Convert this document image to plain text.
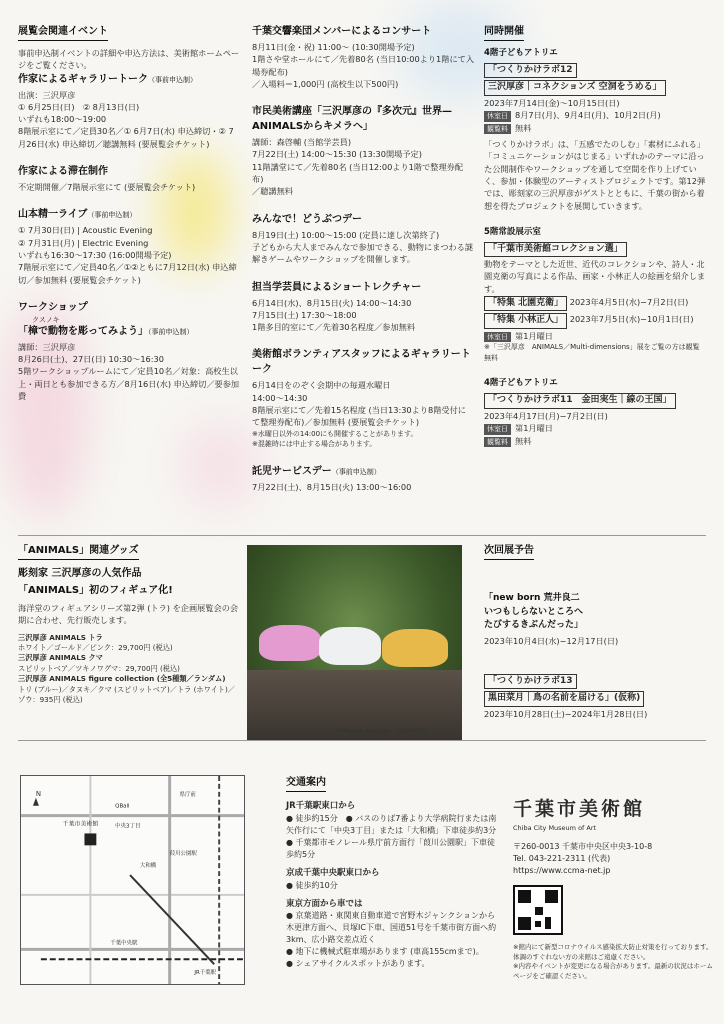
展覧会関連イベント
事前申込制イベントの詳細や申込方法は、美術館ホームページをご覧ください。
作家によるギャラリートーク（事前申込制）
出演：三沢厚彦
① 6月25日(日)　② 8月13日(日)
いずれも18:00〜19:00
8階展示室にて／定員30名／① 6月7日(水) 申込締切・② 7月26日(水) 申込締切／聴講無料 (要展覧会チケット)
作家による滞在制作
不定期開催／7階展示室にて (要展覧会チケット)
山本精一ライブ（事前申込制）
① 7月30日(日) | Acoustic Evening
② 7月31日(月) | Electric Evening
いずれも16:30〜17:30 (16:00開場予定)
7階展示室にて／定員40名／①②ともに7月12日(水) 申込締切／参加無料 (要展覧会チケット)
ワークショップ
クスノキ
「樟で動物を彫ってみよう」（事前申込制）
講師：三沢厚彦
8月26日(土)、27日(日) 10:30〜16:30
5階ワークショップルームにて／定員10名／対象：高校生以上・両日とも参加できる方／8月16日(水) 申込締切／要参加費
千葉交響楽団メンバーによるコンサート
8月11日(金・祝) 11:00〜 (10:30開場予定)
1階さや堂ホールにて／先着80名 (当日10:00より1階にて入場券配布)
／入場料＝1,000円 (高校生以下500円)
市民美術講座「三沢厚彦の『多次元』世界—ANIMALSからキメラへ」
講師：森啓輔 (当館学芸員)
7月22日(土) 14:00〜15:30 (13:30開場予定)
11階講堂にて／先着80名 (当日12:00より1階で整理券配布)
／聴講無料
みんなで！どうぶつデー
8月19日(土) 10:00〜15:00 (定員に達し次第終了)
子どもから大人までみんなで参加できる、動物にまつわる謎解きゲームやワークショップを開催します。
担当学芸員によるショートレクチャー
6月14日(水)、8月15日(火) 14:00〜14:30
7月15日(土) 17:30〜18:00
1階多目的室にて／先着30名程度／参加無料
美術館ボランティアスタッフによるギャラリートーク
6月14日をのぞく会期中の毎週水曜日
14:00〜14:30
8階展示室にて／先着15名程度 (当日13:30より8階受付にて整理券配布)／参加無料 (要展覧会チケット)
※水曜日以外の14:00にも開催することがあります。
※混雑時には中止する場合があります。
託児サービスデー（事前申込制）
7月22日(土)、8月15日(火) 13:00〜16:00
同時開催
4階子どもアトリエ
「つくりかけラボ12
三沢厚彦｜コネクションズ 空洞をうめる」
2023年7月14日(金)〜10月15日(日)
休室日 8月7日(月)、9月4日(月)、10月2日(月)
観覧料 無料
「つくりかけラボ」は、「五感でたのしむ」「素材にふれる」「コミュニケーションがはじまる」いずれかのテーマに沿った公開制作やワークショップを通して空間を作り上げていく、参加・体験型のアーティストプロジェクトです。第12弾では、彫刻家の三沢厚彦がゲストとともに、千葉の街から着想を得たプロジェクトを展開していきます。
5階常設展示室
「千葉市美術館コレクション選」
動物をテーマとした近世、近代のコレクションや、詩人・北園克衛の写真による作品、画家・小林正人の絵画を紹介します。
「特集 北園克衛」 2023年4月5日(水)−7月2日(日)
「特集 小林正人」 2023年7月5日(水)−10月1日(日)
休室日 第1月曜日
※「三沢厚彦　ANIMALS／Multi-dimensions」展をご覧の方は観覧無料
4階子どもアトリエ
「つくりかけラボ11　金田実生｜線の王国」
2023年4月17日(月)−7月2日(日)
休室日 第1月曜日
観覧料 無料
「ANIMALS」関連グッズ
彫刻家 三沢厚彦の人気作品
「ANIMALS」初のフィギュア化!
海洋堂のフィギュアシリーズ第2弾 (トラ) を企画展覧会の会期に合わせ、先行販売します。
三沢厚彦 ANIMALS トラ
ホワイト／ゴールド／ピンク：29,700円 (税込)
三沢厚彦 ANIMALS クマ
スピリットベア／ツキノワグマ：29,700円 (税込)
三沢厚彦 ANIMALS figure collection (全5種類／ランダム)
トリ (ブルー)／タヌキ／クマ (スピリットベア)／トラ (ホワイト)／ゾウ：935円 (税込)
©Misawa Atsuhiko　©KAIYODO
次回展予告
「new born 荒井良二
いつもしらないところへ
たびするきぶんだった」
2023年10月4日(水)−12月17日(日)
「つくりかけラボ13
黒田菜月｜鳥の名前を届ける」(仮称)
2023年10月28日(土)−2024年1月28日(日)
N
千葉市美術館	中央3丁目
大和橋
葭川公園駅
千葉中央駅
JR千葉駅
QBall
県庁前
交通案内
JR千葉駅東口から
● 徒歩約15分　● バスのりば7番より大学病院行または南矢作行にて「中央3丁目」または「大和橋」下車徒歩約3分
● 千葉都市モノレール県庁前方面行「葭川公園駅」下車徒歩約5分
京成千葉中央駅東口から
● 徒歩約10分
東京方面から車では
● 京葉道路・東関東自動車道で宮野木ジャンクションから木更津方面へ、貝塚IC下車、国道51号を千葉市街方面へ約3km、広小路交差点近く
● 地下に機械式駐車場があります (車高155cmまで)。
● シェアサイクルスポットがあります。
千葉市美術館
Chiba City Museum of Art
〒260-0013 千葉市中央区中央3-10-8
Tel. 043-221-2311 (代表)
https://www.ccma-net.jp
※館内にて新型コロナウイルス感染拡大防止対策を行っております。体調のすぐれない方の来館はご遠慮ください。
※内容やイベントが変更になる場合があります。最新の状況はホームページをご確認ください。
